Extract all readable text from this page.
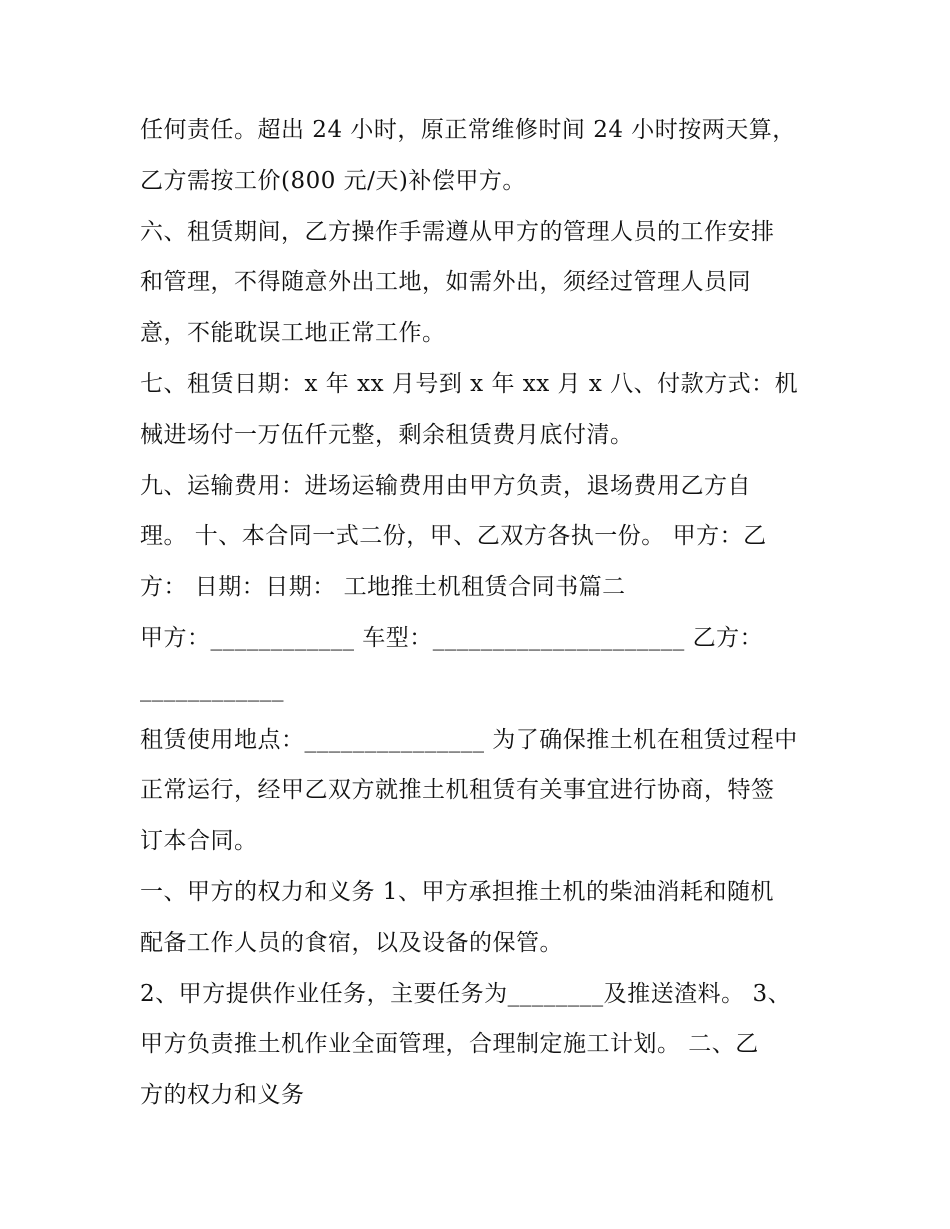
任何责任。超出 24 小时，原正常维修时间 24 小时按两天算，
乙方需按工价(800 元/天)补偿甲方。
六、租赁期间，乙方操作手需遵从甲方的管理人员的工作安排
和管理，不得随意外出工地，如需外出，须经过管理人员同
意，不能耽误工地正常工作。
七、租赁日期：x 年 xx 月号到 x 年 xx 月 x 八、付款方式：机
械进场付一万伍仟元整，剩余租赁费月底付清。
九、运输费用：进场运输费用由甲方负责，退场费用乙方自
理。 十、本合同一式二份，甲、乙双方各执一份。 甲方：乙
方： 日期：日期： 工地推土机租赁合同书篇二
甲方：____________ 车型：_____________________ 乙方：
____________
租赁使用地点：_______________ 为了确保推土机在租赁过程中
正常运行，经甲乙双方就推土机租赁有关事宜进行协商，特签
订本合同。
一、甲方的权力和义务 1、甲方承担推土机的柴油消耗和随机
配备工作人员的食宿，以及设备的保管。
2、甲方提供作业任务，主要任务为________及推送渣料。 3、
甲方负责推土机作业全面管理，合理制定施工计划。 二、乙
方的权力和义务
